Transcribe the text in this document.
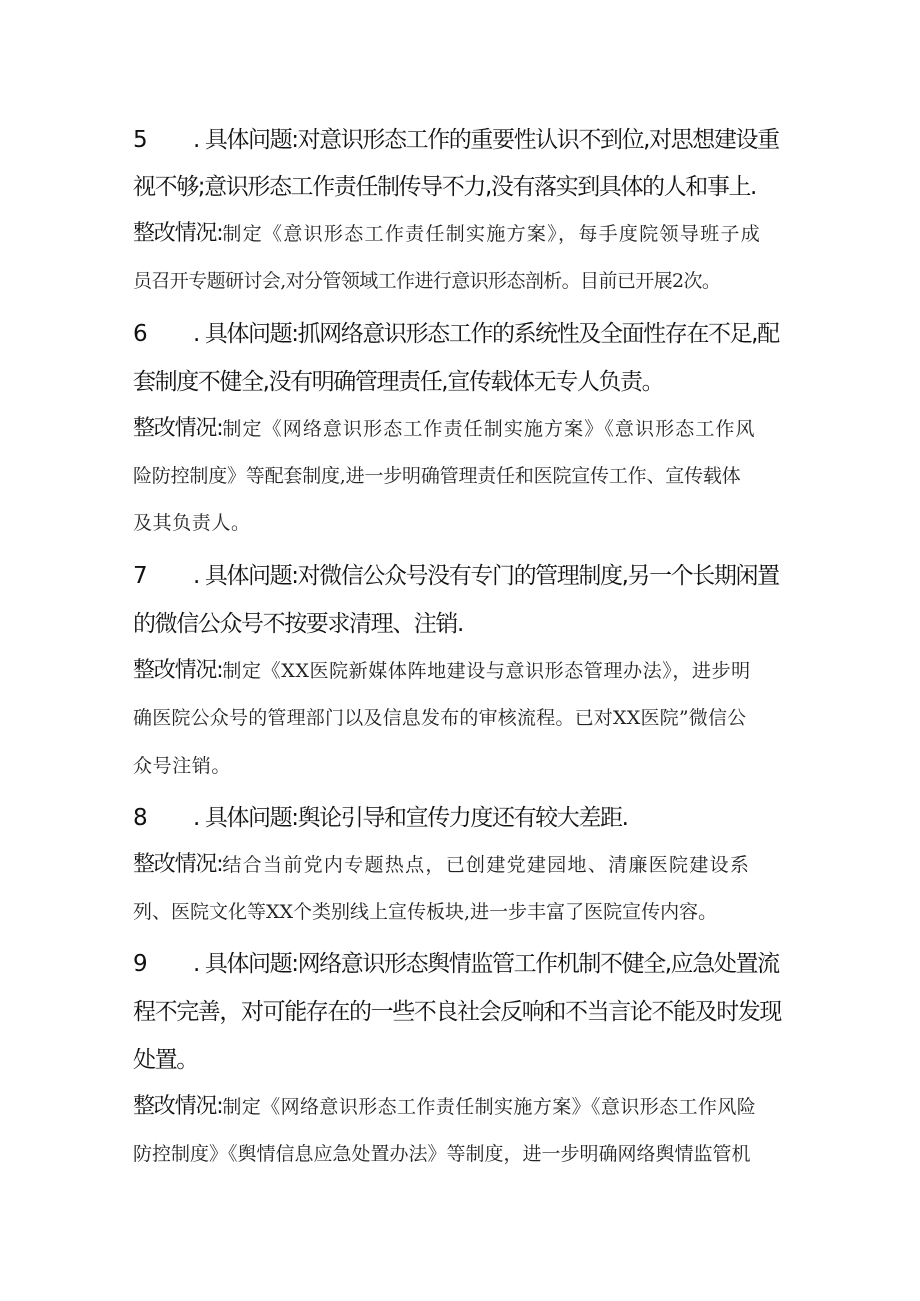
5 . 具体问题:对意识形态工作的重要性认识不到位,对思想建设重
视不够;意识形态工作责任制传导不力,没有落实到具体的人和事上.
整改情况:制定《意识形态工作责任制实施方案》，每手度院领导班子成
员召开专题研讨会,对分管领域工作进行意识形态剖析。目前已开展2次。
6 . 具体问题:抓网络意识形态工作的系统性及全面性存在不足,配
套制度不健全,没有明确管理责任,宣传载体无专人负责。
整改情况:制定《网络意识形态工作责任制实施方案》《意识形态工作风
险防控制度》等配套制度,进一步明确管理责任和医院宣传工作、宣传载体
及其负责人。
7 . 具体问题:对微信公众号没有专门的管理制度,另一个长期闲置
的微信公众号不按要求清理、注销.
整改情况:制定《XX医院新媒体阵地建设与意识形态管理办法》，进步明
确医院公众号的管理部门以及信息发布的审核流程。已对XX医院”微信公
众号注销。
8 . 具体问题:舆论引导和宣传力度还有较大差距.
整改情况:结合当前党内专题热点，已创建党建园地、清廉医院建设系
列、医院文化等XX个类别线上宣传板块,进一步丰富了医院宣传内容。
9 . 具体问题:网络意识形态舆情监管工作机制不健全,应急处置流
程不完善，对可能存在的一些不良社会反响和不当言论不能及时发现
处置。
整改情况:制定《网络意识形态工作责任制实施方案》《意识形态工作风险
防控制度》《舆情信息应急处置办法》等制度，进一步明确网络舆情监管机
